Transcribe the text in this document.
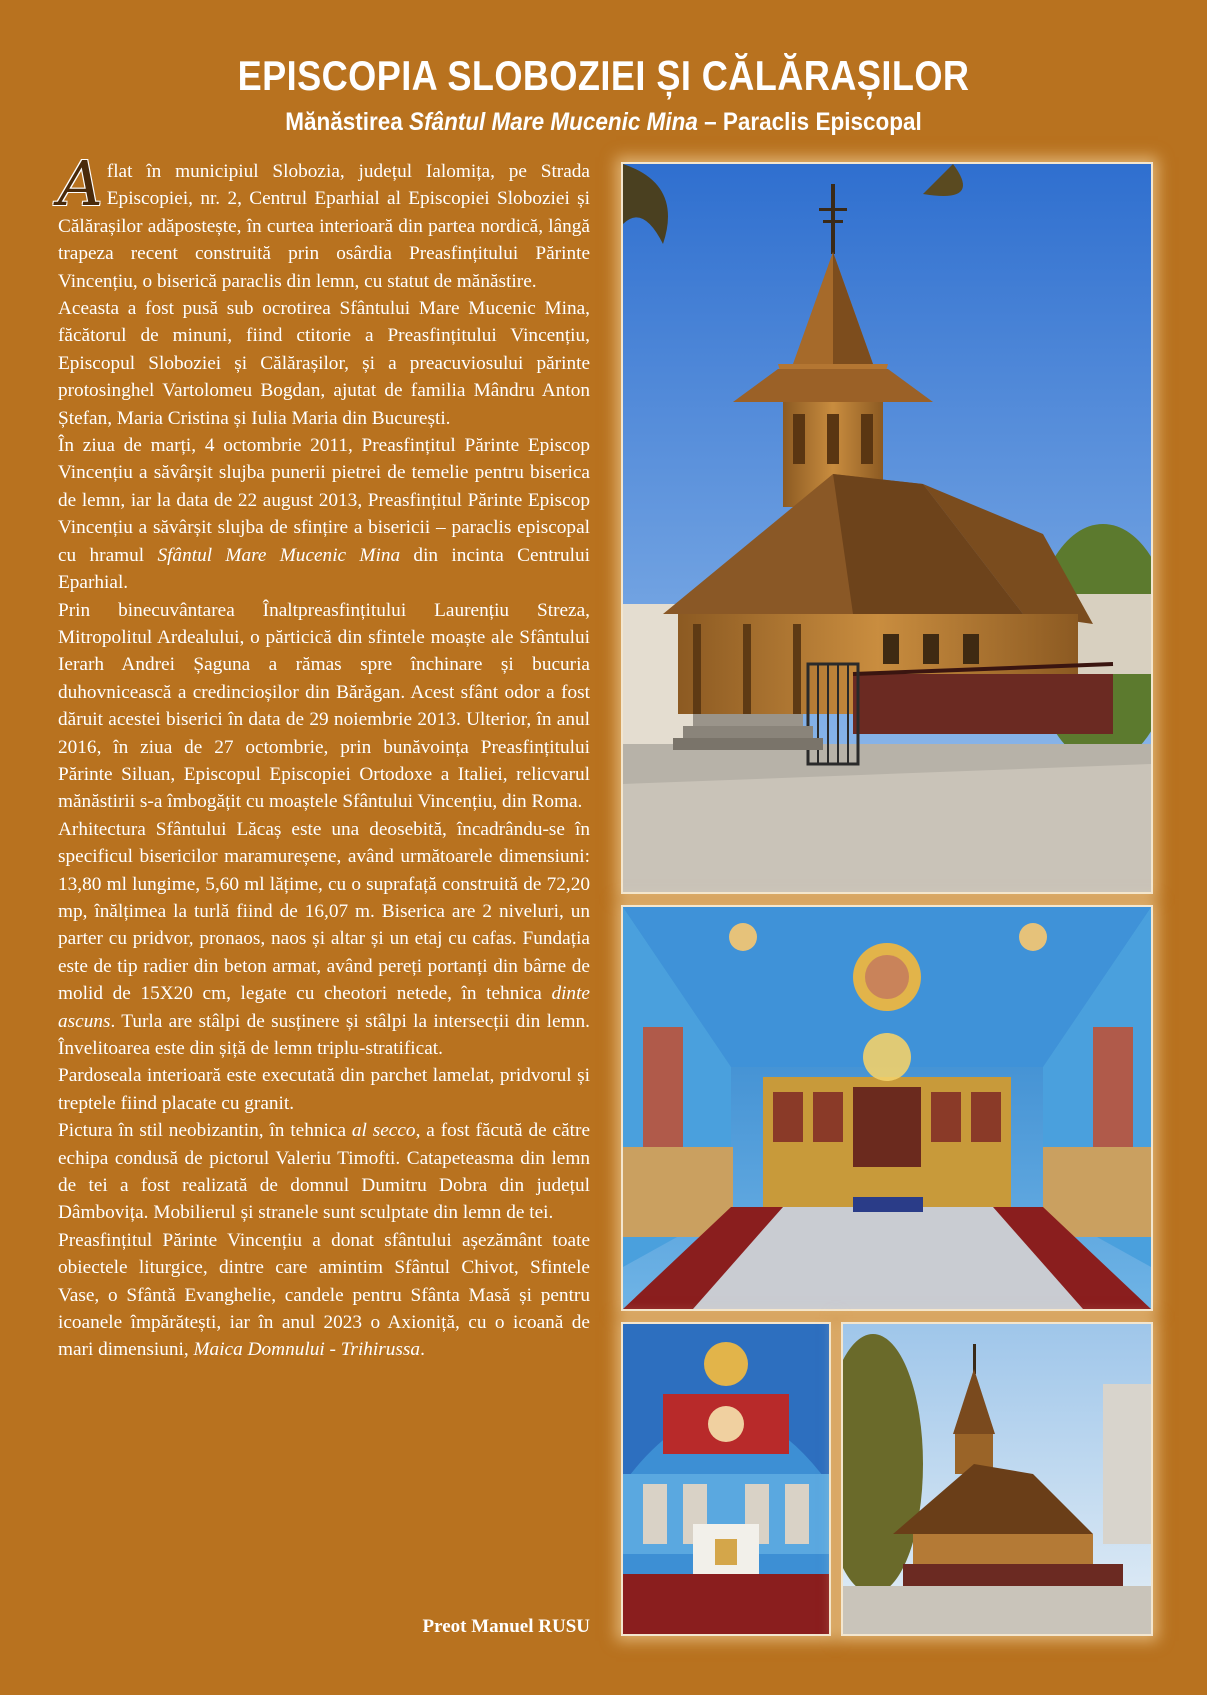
EPISCOPIA SLOBOZIEI ȘI CĂLĂRAȘILOR
Mănăstirea Sfântul Mare Mucenic Mina – Paraclis Episcopal

Aflat în municipiul Slobozia, județul Ialomița, pe Strada Episcopiei, nr. 2, Centrul Eparhial al Episcopiei Sloboziei și Călărașilor adăpostește, în curtea interioară din partea nordică, lângă trapeza recent construită prin osârdia Preasfințitului Părinte Vincențiu, o biserică paraclis din lemn, cu statut de mănăstire.

Aceasta a fost pusă sub ocrotirea Sfântului Mare Mucenic Mina, făcătorul de minuni, fiind ctitorie a Preasfințitului Vincențiu, Episcopul Sloboziei și Călărașilor, și a preacuviosului părinte protosinghel Vartolomeu Bogdan, ajutat de familia Mândru Anton Ștefan, Maria Cristina și Iulia Maria din București.

În ziua de marți, 4 octombrie 2011, Preasfințitul Părinte Episcop Vincențiu a săvârșit slujba punerii pietrei de temelie pentru biserica de lemn, iar la data de 22 august 2013, Preasfințitul Părinte Episcop Vincențiu a săvârșit slujba de sfințire a bisericii – paraclis episcopal cu hramul Sfântul Mare Mucenic Mina din incinta Centrului Eparhial.

Prin binecuvântarea Înaltpreasfințitului Laurențiu Streza, Mitropolitul Ardealului, o părticică din sfintele moaște ale Sfântului Ierarh Andrei Șaguna a rămas spre închinare și bucuria duhovnicească a credincioșilor din Bărăgan. Acest sfânt odor a fost dăruit acestei biserici în data de 29 noiembrie 2013. Ulterior, în anul 2016, în ziua de 27 octombrie, prin bunăvoința Preasfințitului Părinte Siluan, Episcopul Episcopiei Ortodoxe a Italiei, relicvarul mănăstirii s-a îmbogățit cu moaștele Sfântului Vincențiu, din Roma.

Arhitectura Sfântului Lăcaș este una deosebită, încadrându-se în specificul bisericilor maramureșene, având următoarele dimensiuni: 13,80 ml lungime, 5,60 ml lățime, cu o suprafață construită de 72,20 mp, înălțimea la turlă fiind de 16,07 m. Biserica are 2 niveluri, un parter cu pridvor, pronaos, naos și altar și un etaj cu cafas. Fundația este de tip radier din beton armat, având pereți portanți din bârne de molid de 15X20 cm, legate cu cheotori netede, în tehnica dinte ascuns. Turla are stâlpi de susținere și stâlpi la intersecții din lemn. Învelitoarea este din șiță de lemn triplu-stratificat.

Pardoseala interioară este executată din parchet lamelat, pridvorul și treptele fiind placate cu granit.

Pictura în stil neobizantin, în tehnica al secco, a fost făcută de către echipa condusă de pictorul Valeriu Timofti. Catapeteasma din lemn de tei a fost realizată de domnul Dumitru Dobra din județul Dâmbovița. Mobilierul și stranele sunt sculptate din lemn de tei.

Preasfințitul Părinte Vincențiu a donat sfântului așezământ toate obiectele liturgice, dintre care amintim Sfântul Chivot, Sfintele Vase, o Sfântă Evanghelie, candele pentru Sfânta Masă și pentru icoanele împărătești, iar în anul 2023 o Axioniță, cu o icoană de mari dimensiuni, Maica Domnului - Trihirussa.

Preot Manuel RUSU
